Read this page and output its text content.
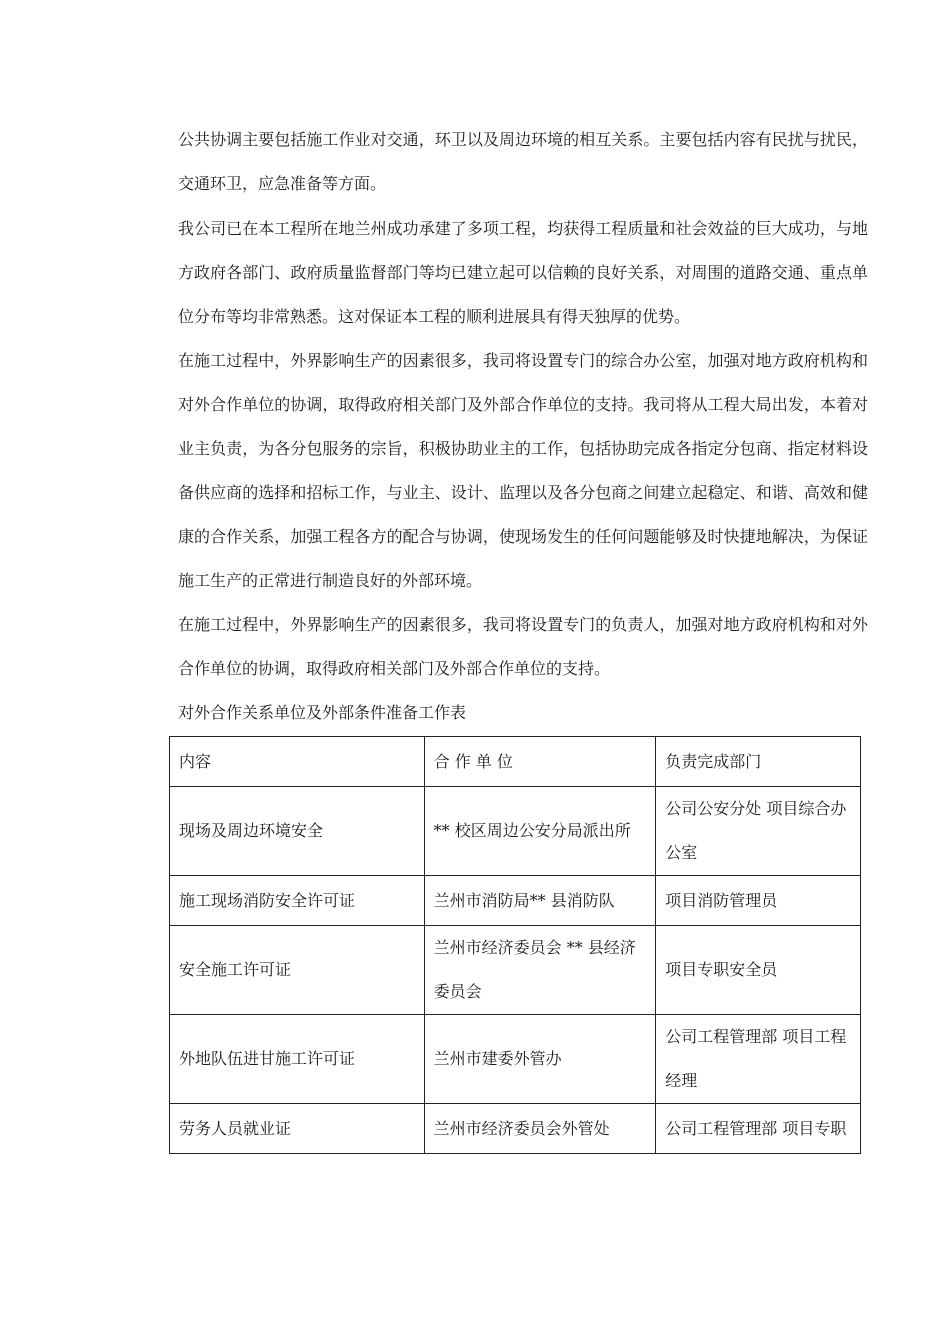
公共协调主要包括施工作业对交通，环卫以及周边环境的相互关系。主要包括内容有民扰与扰民，交通环卫，应急准备等方面。

我公司已在本工程所在地兰州成功承建了多项工程，均获得工程质量和社会效益的巨大成功，与地方政府各部门、政府质量监督部门等均已建立起可以信赖的良好关系，对周围的道路交通、重点单位分布等均非常熟悉。这对保证本工程的顺利进展具有得天独厚的优势。

在施工过程中，外界影响生产的因素很多，我司将设置专门的综合办公室，加强对地方政府机构和对外合作单位的协调，取得政府相关部门及外部合作单位的支持。我司将从工程大局出发，本着对业主负责，为各分包服务的宗旨，积极协助业主的工作，包括协助完成各指定分包商、指定材料设备供应商的选择和招标工作，与业主、设计、监理以及各分包商之间建立起稳定、和谐、高效和健康的合作关系，加强工程各方的配合与协调，使现场发生的任何问题能够及时快捷地解决，为保证施工生产的正常进行制造良好的外部环境。

在施工过程中，外界影响生产的因素很多，我司将设置专门的负责人，加强对地方政府机构和对外合作单位的协调，取得政府相关部门及外部合作单位的支持。

对外合作关系单位及外部条件准备工作表

内容	合 作 单 位	负责完成部门
现场及周边环境安全	** 校区周边公安分局派出所	公司公安分处 项目综合办公室
施工现场消防安全许可证	兰州市消防局** 县消防队	项目消防管理员
安全施工许可证	兰州市经济委员会 ** 县经济委员会	项目专职安全员
外地队伍进甘施工许可证	兰州市建委外管办	公司工程管理部 项目工程经理
劳务人员就业证	兰州市经济委员会外管处	公司工程管理部 项目专职
